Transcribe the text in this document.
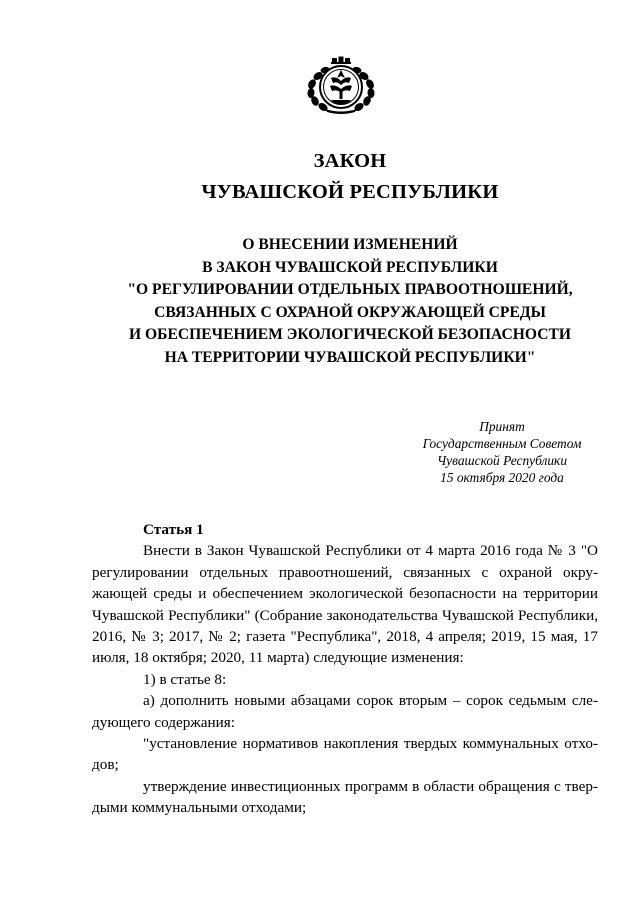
ЗАКОН
ЧУВАШСКОЙ РЕСПУБЛИКИ
О ВНЕСЕНИИ ИЗМЕНЕНИЙ
В ЗАКОН ЧУВАШСКОЙ РЕСПУБЛИКИ
"О РЕГУЛИРОВАНИИ ОТДЕЛЬНЫХ ПРАВООТНОШЕНИЙ,
СВЯЗАННЫХ С ОХРАНОЙ ОКРУЖАЮЩЕЙ СРЕДЫ
И ОБЕСПЕЧЕНИЕМ ЭКОЛОГИЧЕСКОЙ БЕЗОПАСНОСТИ
НА ТЕРРИТОРИИ ЧУВАШСКОЙ РЕСПУБЛИКИ"
Принят
Государственным Советом
Чувашской Республики
15 октября 2020 года

Статья 1

Внести в Закон Чувашской Республики от 4 марта 2016 года № 3 "О регулировании отдельных правоотношений, связанных с охраной окружающей среды и обеспечением экологической безопасности на территории Чувашской Республики" (Собрание законодательства Чувашской Республики, 2016, № 3; 2017, № 2; газета "Республика", 2018, 4 апреля; 2019, 15 мая, 17 июля, 18 октября; 2020, 11 марта) следующие изменения:

1) в статье 8:

а) дополнить новыми абзацами сорок вторым – сорок седьмым следующего содержания:

"установление нормативов накопления твердых коммунальных отходов;

утверждение инвестиционных программ в области обращения с твердыми коммунальными отходами;
